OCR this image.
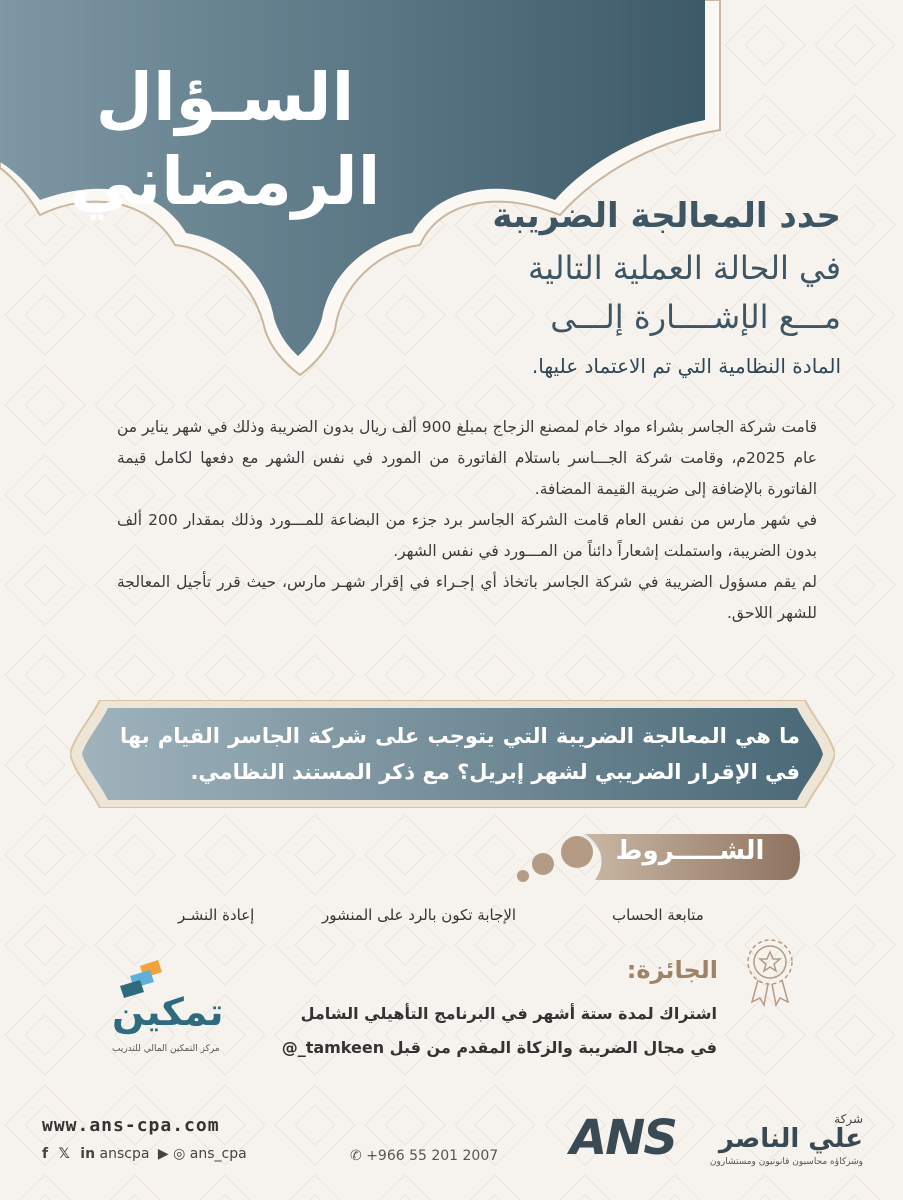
السـؤال
الرمضاني	حدد المعالجة الضريبة
في الحالة العملية التالية
مـــع الإشــــارة إلـــى
المادة النظامية التي تم الاعتماد عليها.

قامت شركة الجاسر بشراء مواد خام لمصنع الزجاج بمبلغ 900 ألف ريال بدون الضريبة وذلك في شهر يناير من عام 2025م، وقامت شركة الجـــاسر باستلام الفاتورة من المورد في نفس الشهر مع دفعها لكامل قيمة الفاتورة بالإضافة إلى ضريبة القيمة المضافة.

في شهر مارس من نفس العام قامت الشركة الجاسر برد جزء من البضاعة للمـــورد وذلك بمقدار 200 ألف بدون الضريبة، واستملت إشعاراً دائناً من المـــورد في نفس الشهر.

لم يقم مسؤول الضريبة في شركة الجاسر باتخاذ أي إجـراء في إقرار شهـر مارس، حيث قرر تأجيل المعالجة للشهر اللاحق.

ما هي المعالجة الضريبة التي يتوجب على شركة الجاسر القيام بها في الإقرار الضريبي لشهر إبريل؟ مع ذكر المستند النظامي.
الشـــــروط
متابعة الحساب
الإجابة تكون بالرد على المنشور
إعادة النشـر
الجائزة:
اشتراك لمدة ستة أشهر في البرنامج التأهيلي الشامل
في مجال الضريبة والزكاة المقدم من قبل tamkeen_@
تمكين
مركز التمكين المالي للتدريب
www.ans-cpa.com
f 𝕏 in anscpa ▶ ◎ ans_cpa	✆ +966 55 201 2007 ANS	شركة
علي الناصر
وشركاؤه محاسبون قانونيون ومستشارون
